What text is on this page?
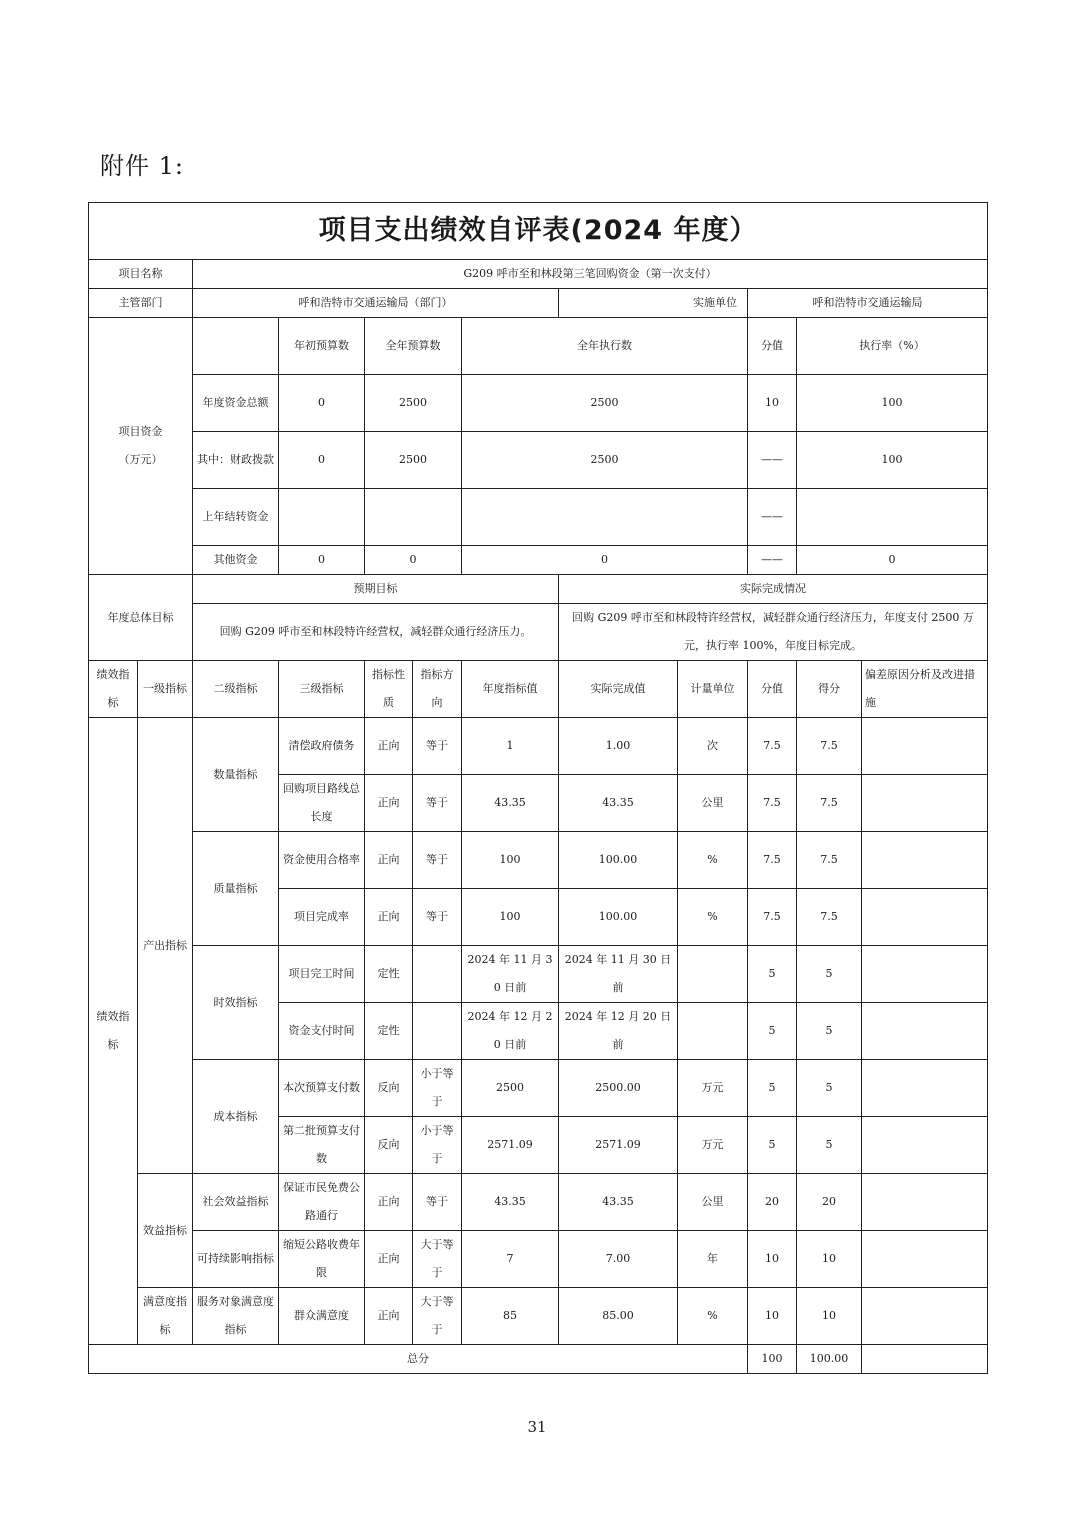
附件 1:
项目支出绩效自评表(2024 年度）												
项目名称		G209 呼市至和林段第三笔回购资金（第一次支付）										
主管部门		呼和浩特市交通运输局（部门）					实施单位		呼和浩特市交通运输局			
项目资金
（万元）			年初预算数	全年预算数		全年执行数			分值	执行率（%）	
		年度资金总额	0	2500		2500			10	100	
		其中：财政拨款	0	2500		2500			——	100	
		上年结转资金							——		
		其他资金	0	0		0			——	0	
年度总体目标		预期目标					实际完成情况					
		回购 G209 呼市至和林段特许经营权，减轻群众通行经济压力。					回购 G209 呼市至和林段特许经营权，减轻群众通行经济压力，年度支付 2500 万元，执行率 100%，年度目标完成。					
绩效指标	一级指标	二级指标	三级指标	指标性质	指标方向	年度指标值	实际完成值	计量单位	分值	得分	偏差原因分析及改进措施	
绩效指标	产出指标	数量指标	清偿政府债务	正向	等于	1	1.00	次	7.5	7.5		
			回购项目路线总长度	正向	等于	43.35	43.35	公里	7.5	7.5		
		质量指标	资金使用合格率	正向	等于	100	100.00	%	7.5	7.5		
			项目完成率	正向	等于	100	100.00	%	7.5	7.5		
		时效指标	项目完工时间	定性		2024 年 11 月 30 日前	2024 年 11 月 30 日前		5	5		
			资金支付时间	定性		2024 年 12 月 20 日前	2024 年 12 月 20 日前		5	5		
		成本指标	本次预算支付数	反向	小于等于	2500	2500.00	万元	5	5		
			第二批预算支付数	反向	小于等于	2571.09	2571.09	万元	5	5		
	效益指标	社会效益指标	保证市民免费公路通行	正向	等于	43.35	43.35	公里	20	20		
		可持续影响指标	缩短公路收费年限	正向	大于等于	7	7.00	年	10	10		
	满意度指标	服务对象满意度指标	群众满意度	正向	大于等于	85	85.00	%	10	10		
总分									100	100.00		
31
